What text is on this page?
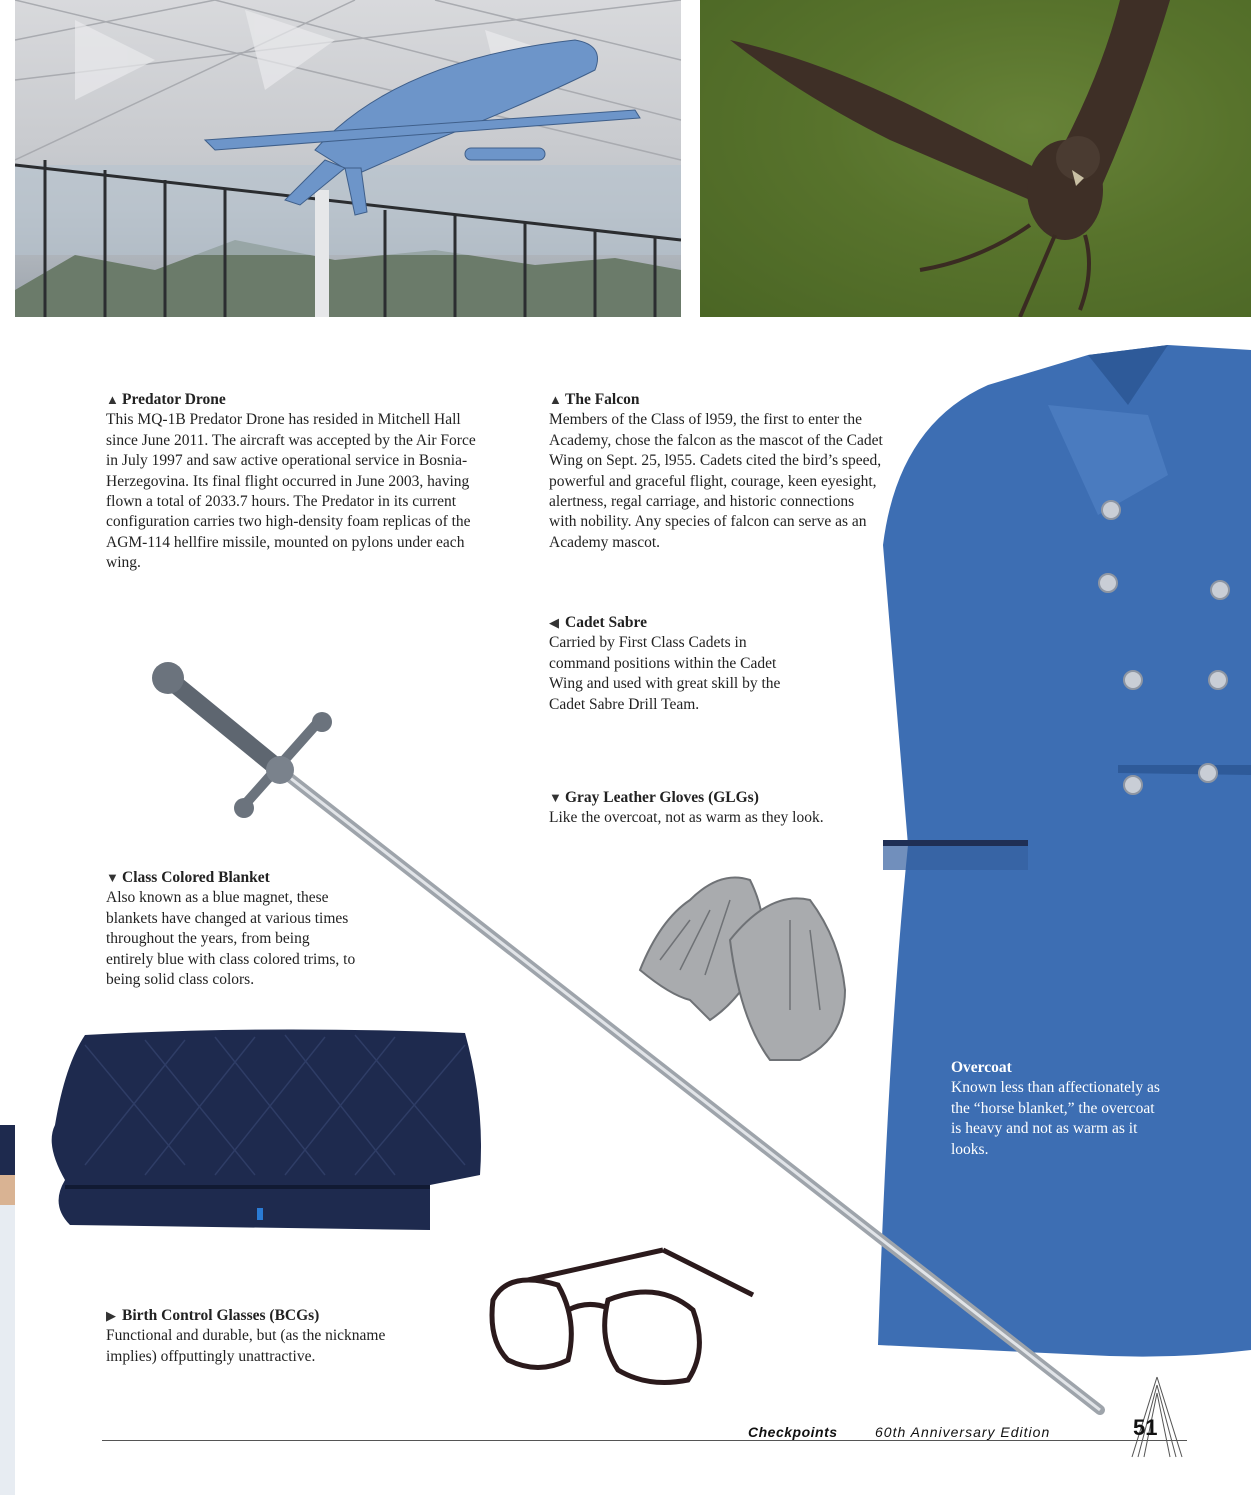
▲ Predator Drone
This MQ-1B Predator Drone has resided in Mitchell Hall since June 2011. The aircraft was accepted by the Air Force in July 1997 and saw active operational service in Bosnia-Herzegovina. Its final flight occurred in June 2003, having flown a total of 2033.7 hours. The Predator in its current configuration carries two high-density foam replicas of the AGM-114 hellfire missile, mounted on pylons under each wing.
▲ The Falcon
Members of the Class of l959, the first to enter the Academy, chose the falcon as the mascot of the Cadet Wing on Sept. 25, l955. Cadets cited the bird’s speed, powerful and graceful flight, courage, keen eyesight, alertness, regal carriage, and historic connections with nobility. Any species of falcon can serve as an Academy mascot.
◀ Cadet Sabre
Carried by First Class Cadets in command positions within the Cadet Wing and used with great skill by the Cadet Sabre Drill Team.
▼ Gray Leather Gloves (GLGs)
Like the overcoat, not as warm as they look.
▼ Class Colored Blanket
Also known as a blue magnet, these blankets have changed at various times throughout the years, from being entirely blue with class colored trims, to being solid class colors.
Overcoat
Known less than affectionately as the “horse blanket,” the overcoat is heavy and not as warm as it looks.
▶ Birth Control Glasses (BCGs)
Functional and durable, but (as the nickname implies) offputtingly unattractive.
Checkpoints	60th Anniversary Edition	51
